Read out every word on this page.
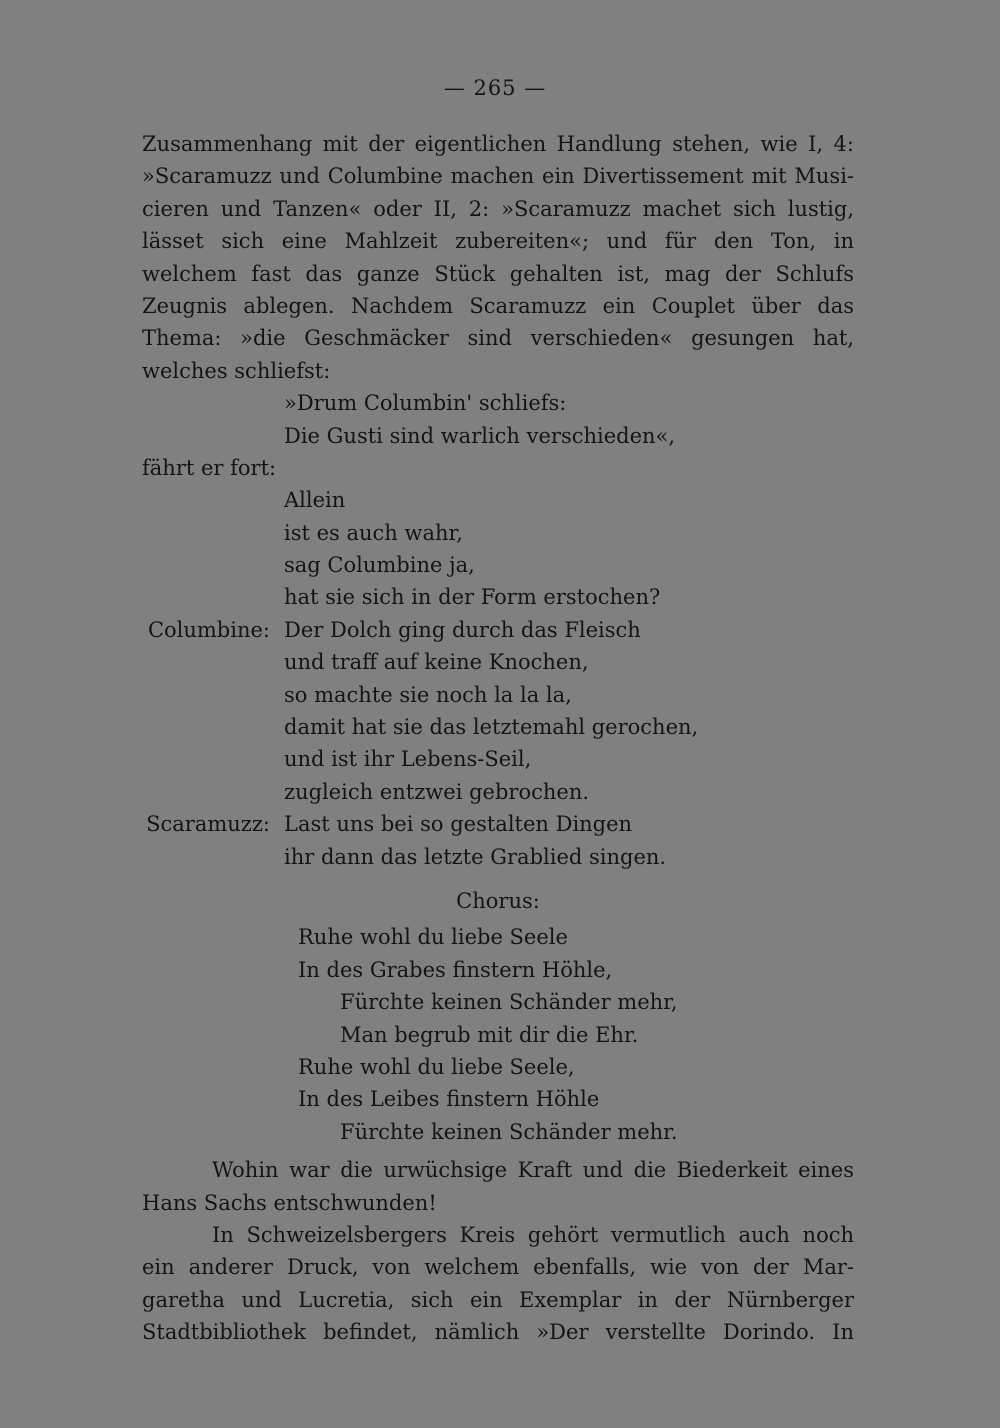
— 265 —
Zusammenhang mit der eigentlichen Handlung stehen, wie I, 4:
»Scaramuzz und Columbine machen ein Divertissement mit Musi-
cieren und Tanzen« oder II, 2: »Scaramuzz machet sich lustig,
lässet sich eine Mahlzeit zubereiten«; und für den Ton, in
welchem fast das ganze Stück gehalten ist, mag der Schlufs
Zeugnis ablegen. Nachdem Scaramuzz ein Couplet über das
Thema: »die Geschmäcker sind verschieden« gesungen hat,
welches schliefst:
»Drum Columbin' schliefs:
Die Gusti sind warlich verschieden«,
fährt er fort:
Allein
ist es auch wahr,
sag Columbine ja,
hat sie sich in der Form erstochen?
Columbine: Der Dolch ging durch das Fleisch
und traff auf keine Knochen,
so machte sie noch la la la,
damit hat sie das letztemahl gerochen,
und ist ihr Lebens-Seil,
zugleich entzwei gebrochen.
Scaramuzz: Last uns bei so gestalten Dingen
ihr dann das letzte Grablied singen.
Chorus:
Ruhe wohl du liebe Seele
In des Grabes finstern Höhle,
Fürchte keinen Schänder mehr,
Man begrub mit dir die Ehr.
Ruhe wohl du liebe Seele,
In des Leibes finstern Höhle
Fürchte keinen Schänder mehr.
Wohin war die urwüchsige Kraft und die Biederkeit eines
Hans Sachs entschwunden!
In Schweizelsbergers Kreis gehört vermutlich auch noch
ein anderer Druck, von welchem ebenfalls, wie von der Mar-
garetha und Lucretia, sich ein Exemplar in der Nürnberger
Stadtbibliothek befindet, nämlich »Der verstellte Dorindo. In
